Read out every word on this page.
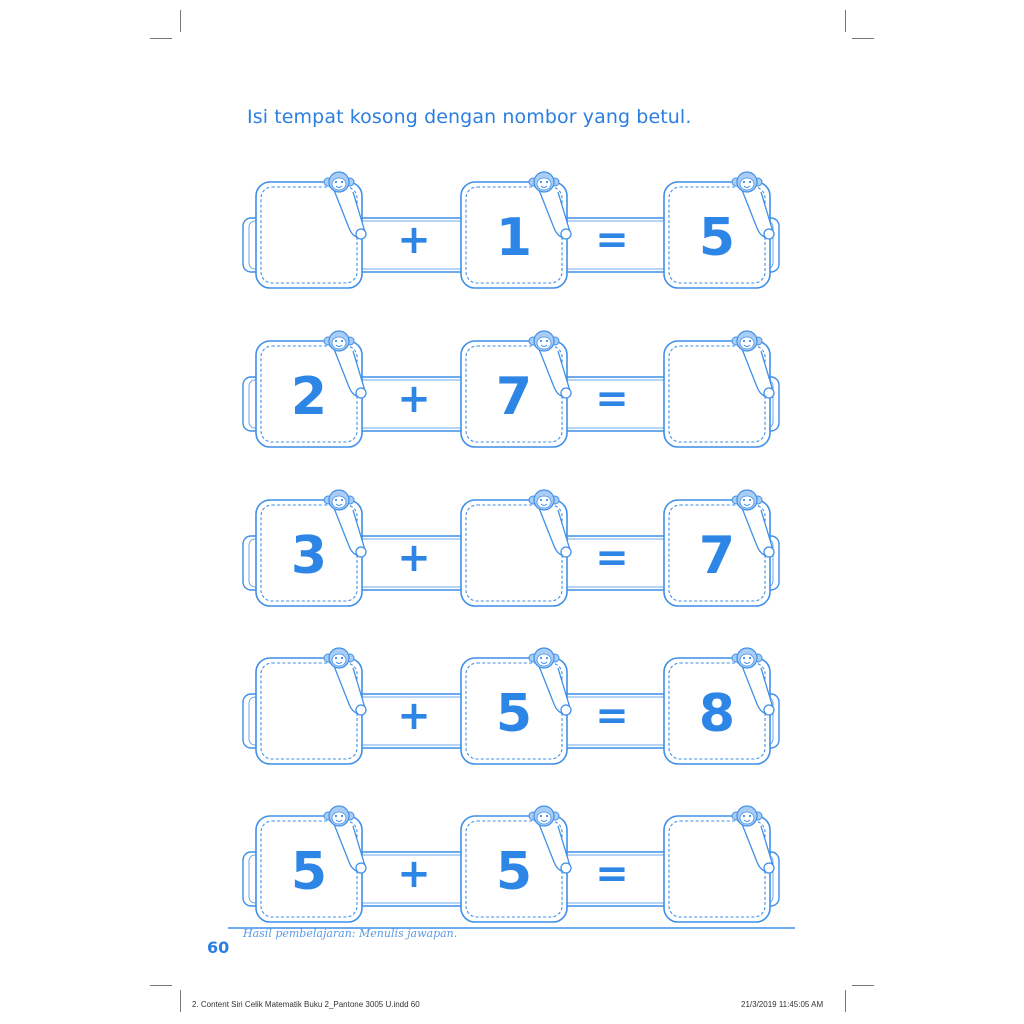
Isi tempat kosong dengan nombor yang betul.
1	5
+	=
2	7
+	=
3	7
+	=
5	8
+	=
5	5
+	=
Hasil pembelajaran: Menulis jawapan.
60
2. Content Siri Celik Matematik Buku 2_Pantone 3005 U.indd 60	21/3/2019 11:45:05 AM
